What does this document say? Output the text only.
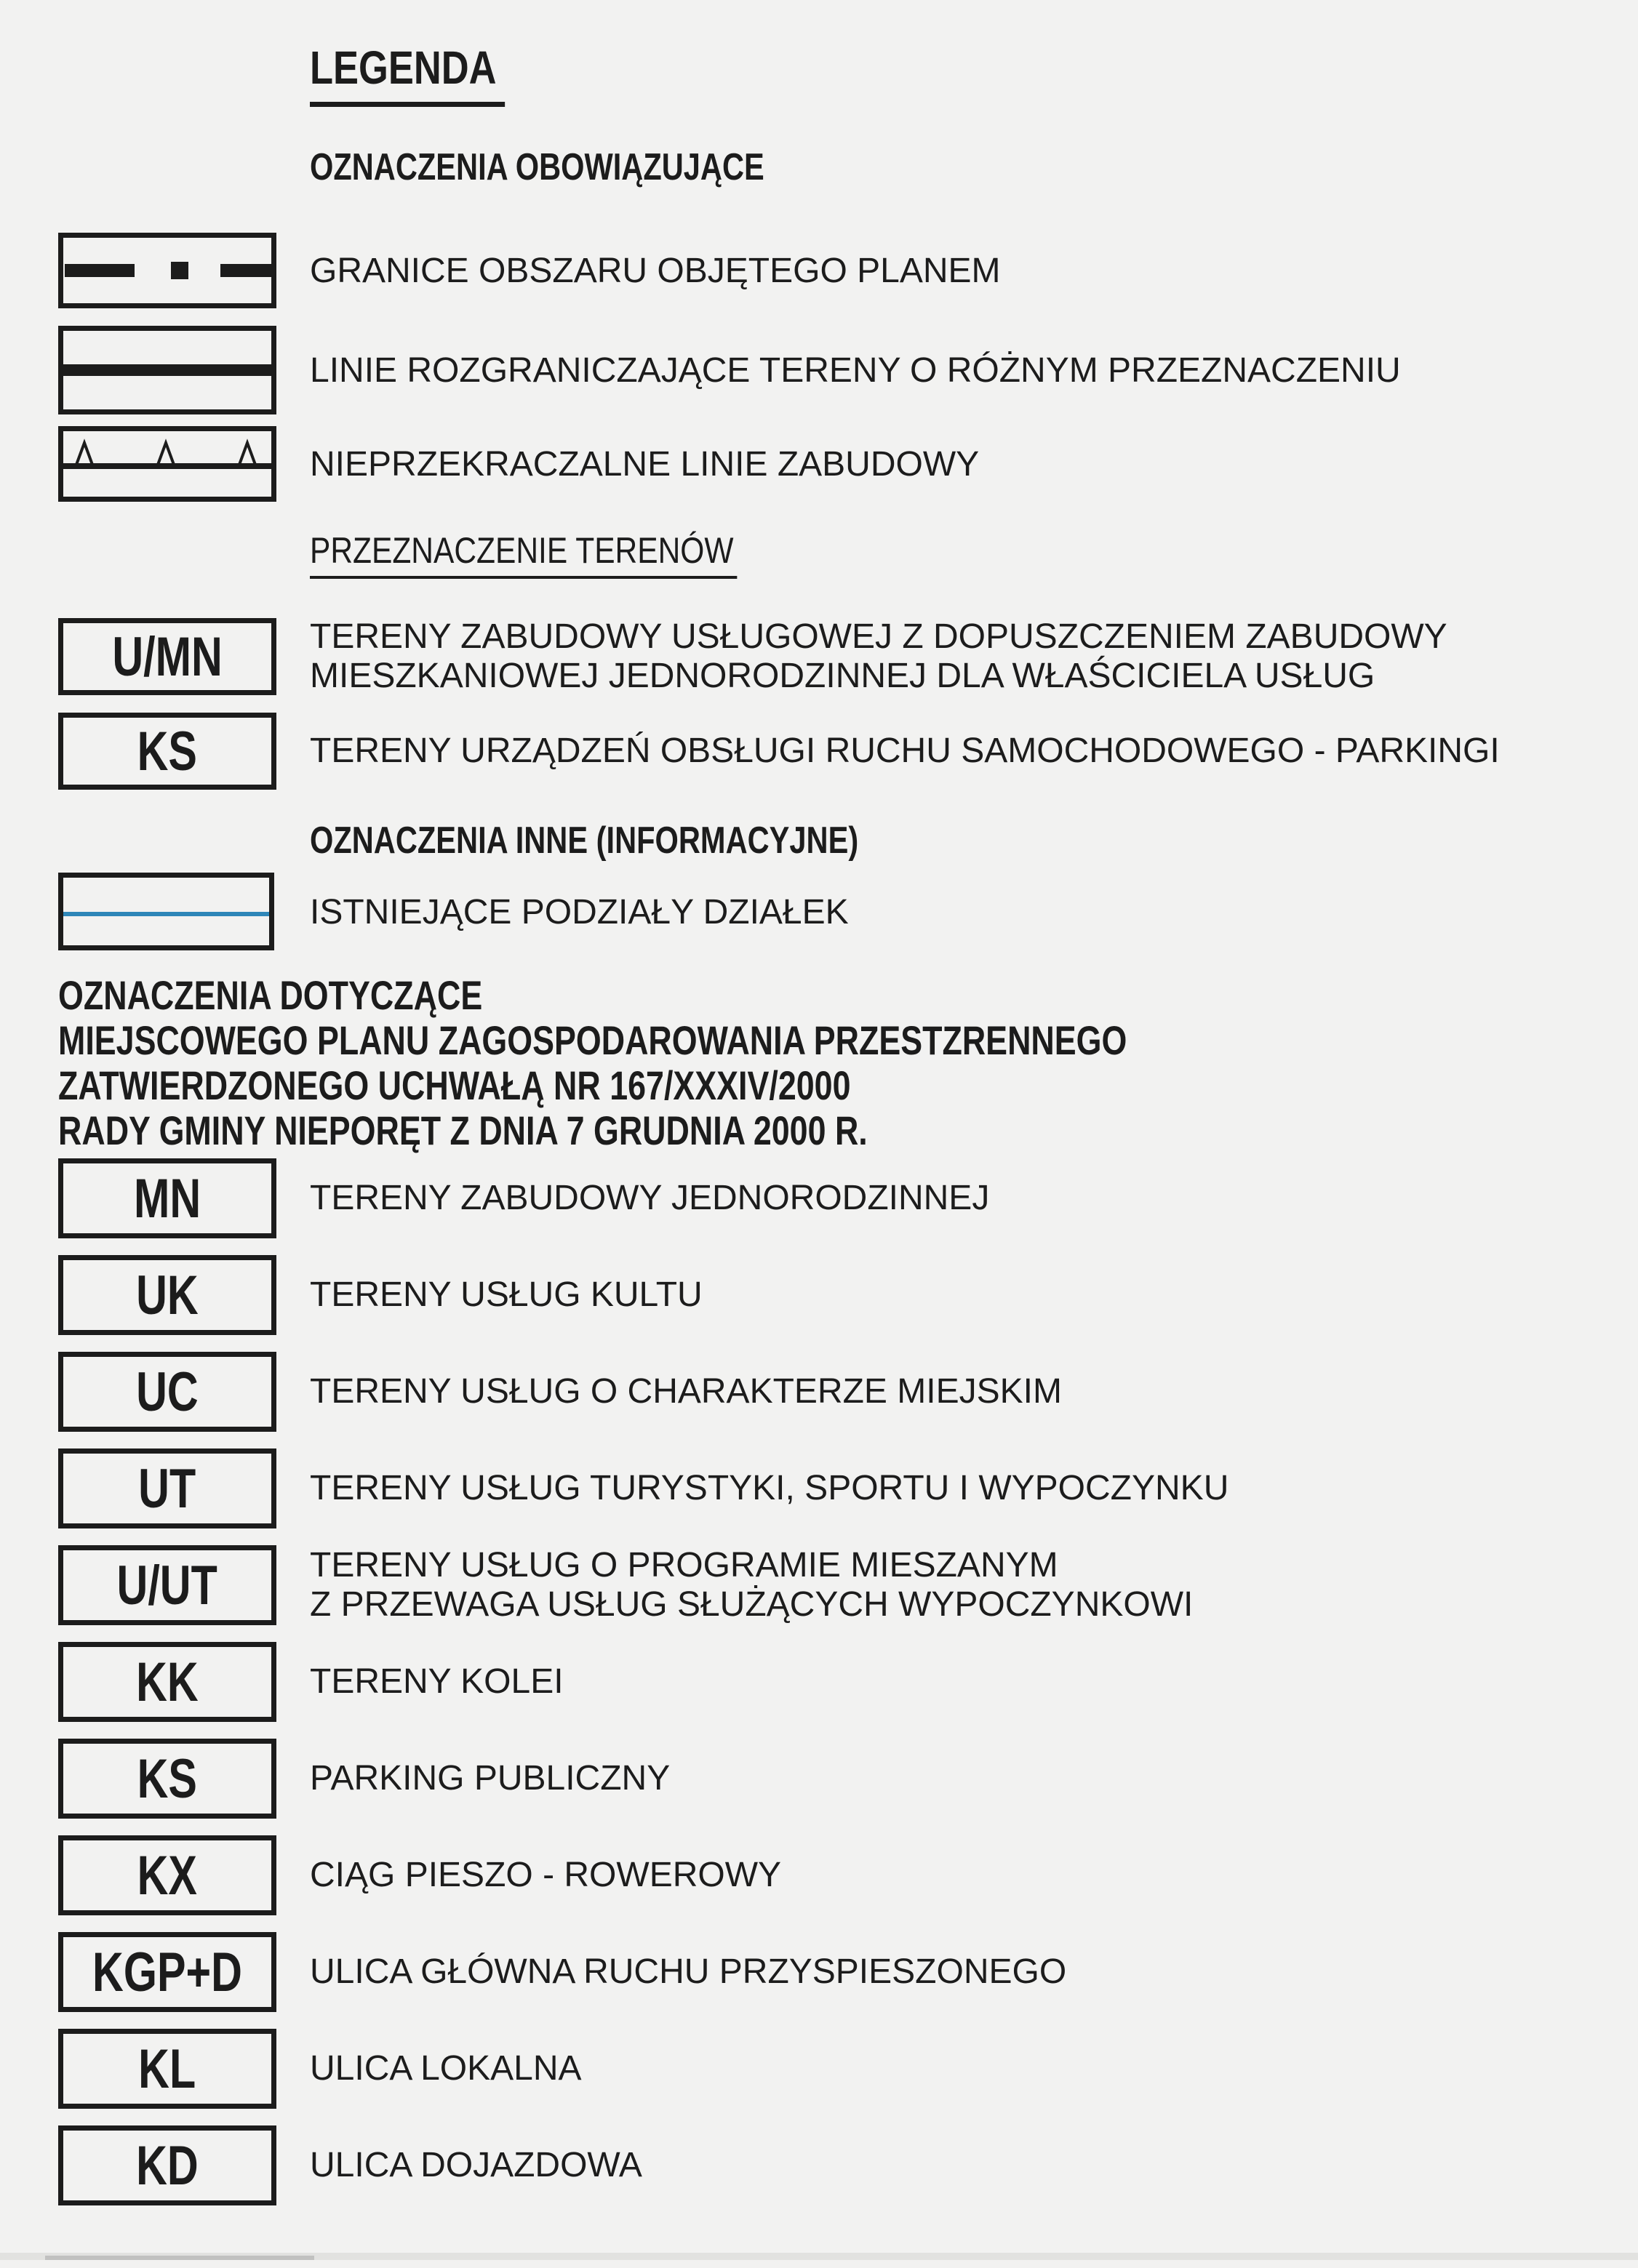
LEGENDA
OZNACZENIA OBOWIĄZUJĄCE
GRANICE OBSZARU OBJĘTEGO PLANEM
LINIE ROZGRANICZAJĄCE TERENY O RÓŻNYM PRZEZNACZENIU
NIEPRZEKRACZALNE LINIE ZABUDOWY
PRZEZNACZENIE TERENÓW
U/MN	TERENY ZABUDOWY USŁUGOWEJ Z DOPUSZCZENIEM ZABUDOWY
MIESZKANIOWEJ JEDNORODZINNEJ DLA WŁAŚCICIELA USŁUG
KS	TERENY URZĄDZEŃ OBSŁUGI RUCHU SAMOCHODOWEGO - PARKINGI
OZNACZENIA INNE (INFORMACYJNE)
ISTNIEJĄCE PODZIAŁY DZIAŁEK
OZNACZENIA DOTYCZĄCE
MIEJSCOWEGO PLANU ZAGOSPODAROWANIA PRZESTZRENNEGO
ZATWIERDZONEGO UCHWAŁĄ NR 167/XXXIV/2000
RADY GMINY NIEPORĘT Z DNIA 7 GRUDNIA 2000 R.
MN	TERENY ZABUDOWY JEDNORODZINNEJ
UK	TERENY USŁUG KULTU
UC	TERENY USŁUG O CHARAKTERZE MIEJSKIM
UT	TERENY USŁUG TURYSTYKI, SPORTU I WYPOCZYNKU
U/UT	TERENY USŁUG O PROGRAMIE MIESZANYM
Z PRZEWAGA USŁUG SŁUŻĄCYCH WYPOCZYNKOWI
KK	TERENY KOLEI
KS	PARKING PUBLICZNY
KX	CIĄG PIESZO - ROWEROWY
KGP+D ULICA GŁÓWNA RUCHU PRZYSPIESZONEGO
KL	ULICA LOKALNA
KD	ULICA DOJAZDOWA
